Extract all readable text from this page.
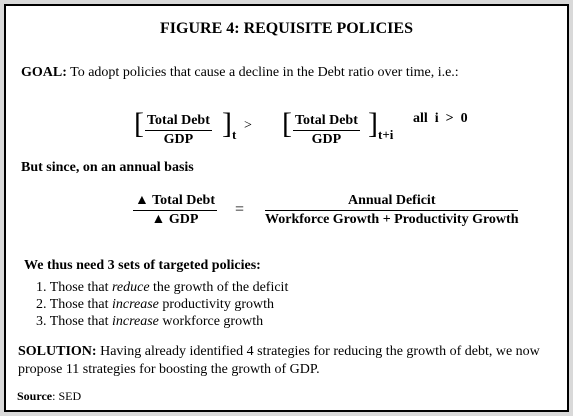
FIGURE 4: REQUISITE POLICIES
GOAL: To adopt policies that cause a decline in the Debt ratio over time, i.e.:
[ Total Debt
GDP ] t
> [ Total Debt
GDP ] t+i
all  i  >  0
But since, on an annual basis
▲ Total Debt
▲ GDP
=
Annual Deficit
Workforce Growth + Productivity Growth
We thus need 3 sets of targeted policies:
1. Those that reduce the growth of the deficit
2. Those that increase productivity growth
3. Those that increase workforce growth
SOLUTION: Having already identified 4 strategies for reducing the growth of debt, we now propose 11 strategies for boosting the growth of GDP.
Source: SED
